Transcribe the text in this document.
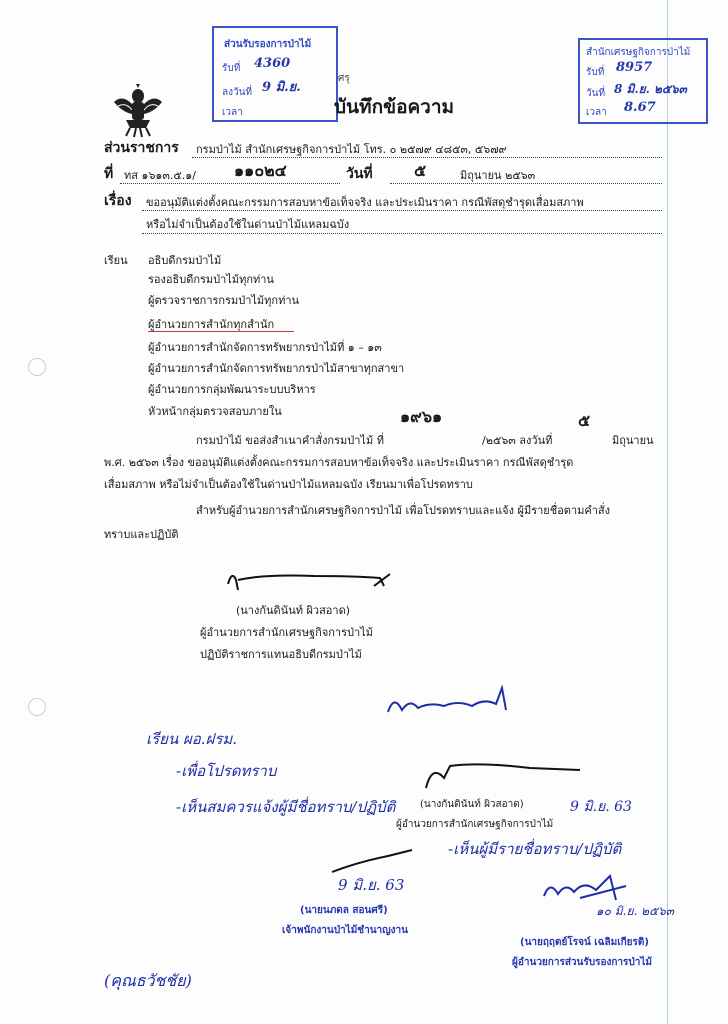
ส่วนรับรองการป่าไม้
รับที่ 4360
ลงวันที่ 9 มิ.ย.
เวลา
ศรุ
สำนักเศรษฐกิจการป่าไม้
รับที่ 8957
วันที่ 8 มิ.ย. ๒๕๖๓
เวลา 8.67
บันทึกข้อความ
ส่วนราชการ กรมป่าไม้ สำนักเศรษฐกิจการป่าไม้ โทร. ๐ ๒๕๗๙ ๔๘๕๓, ๕๖๗๙
ที่ ทส ๑๖๑๓.๕.๑/ ๑๑๐๒๔	วันที่	๕	มิถุนายน ๒๕๖๓
เรื่อง ขออนุมัติแต่งตั้งคณะกรรมการสอบหาข้อเท็จจริง และประเมินราคา กรณีพัสดุชำรุดเสื่อมสภาพ
หรือไม่จำเป็นต้องใช้ในด่านป่าไม้แหลมฉบัง
เรียน อธิบดีกรมป่าไม้
รองอธิบดีกรมป่าไม้ทุกท่าน
ผู้ตรวจราชการกรมป่าไม้ทุกท่าน
ผู้อำนวยการสำนักทุกสำนัก
ผู้อำนวยการสำนักจัดการทรัพยากรป่าไม้ที่ ๑ – ๑๓
ผู้อำนวยการสำนักจัดการทรัพยากรป่าไม้สาขาทุกสาขา
ผู้อำนวยการกลุ่มพัฒนาระบบบริหาร
หัวหน้ากลุ่มตรวจสอบภายใน	๑๙๖๑	๕
กรมป่าไม้ ขอส่งสำเนาคำสั่งกรมป่าไม้ ที่	/๒๕๖๓ ลงวันที่	มิถุนายน
พ.ศ. ๒๕๖๓ เรื่อง ขออนุมัติแต่งตั้งคณะกรรมการสอบหาข้อเท็จจริง และประเมินราคา กรณีพัสดุชำรุด
เสื่อมสภาพ หรือไม่จำเป็นต้องใช้ในด่านป่าไม้แหลมฉบัง เรียนมาเพื่อโปรดทราบ
สำหรับผู้อำนวยการสำนักเศรษฐกิจการป่าไม้ เพื่อโปรดทราบและแจ้ง ผู้มีรายชื่อตามคำสั่ง
ทราบและปฏิบัติ
(นางกันดินันท์ ผิวสอาด)
ผู้อำนวยการสำนักเศรษฐกิจการป่าไม้
ปฏิบัติราชการแทนอธิบดีกรมป่าไม้
เรียน ผอ.ฝรม.
-เพื่อโปรดทราบ
-เห็นสมควรแจ้งผู้มีชื่อทราบ/ปฏิบัติ (นางกันดินันท์ ผิวสอาด)
ผู้อำนวยการสำนักเศรษฐกิจการป่าไม้
9 มิ.ย. 63
-เห็นผู้มีรายชื่อทราบ/ปฏิบัติ
9 มิ.ย. 63
(นายนภดล สอนศรี)
เจ้าพนักงานป่าไม้ชำนาญงาน
๑๐ มิ.ย. ๒๕๖๓
(นายฤฤตย์โรจน์ เฉลิมเกียรติ)
ผู้อำนวยการส่วนรับรองการป่าไม้
(คุณธวัชชัย)
